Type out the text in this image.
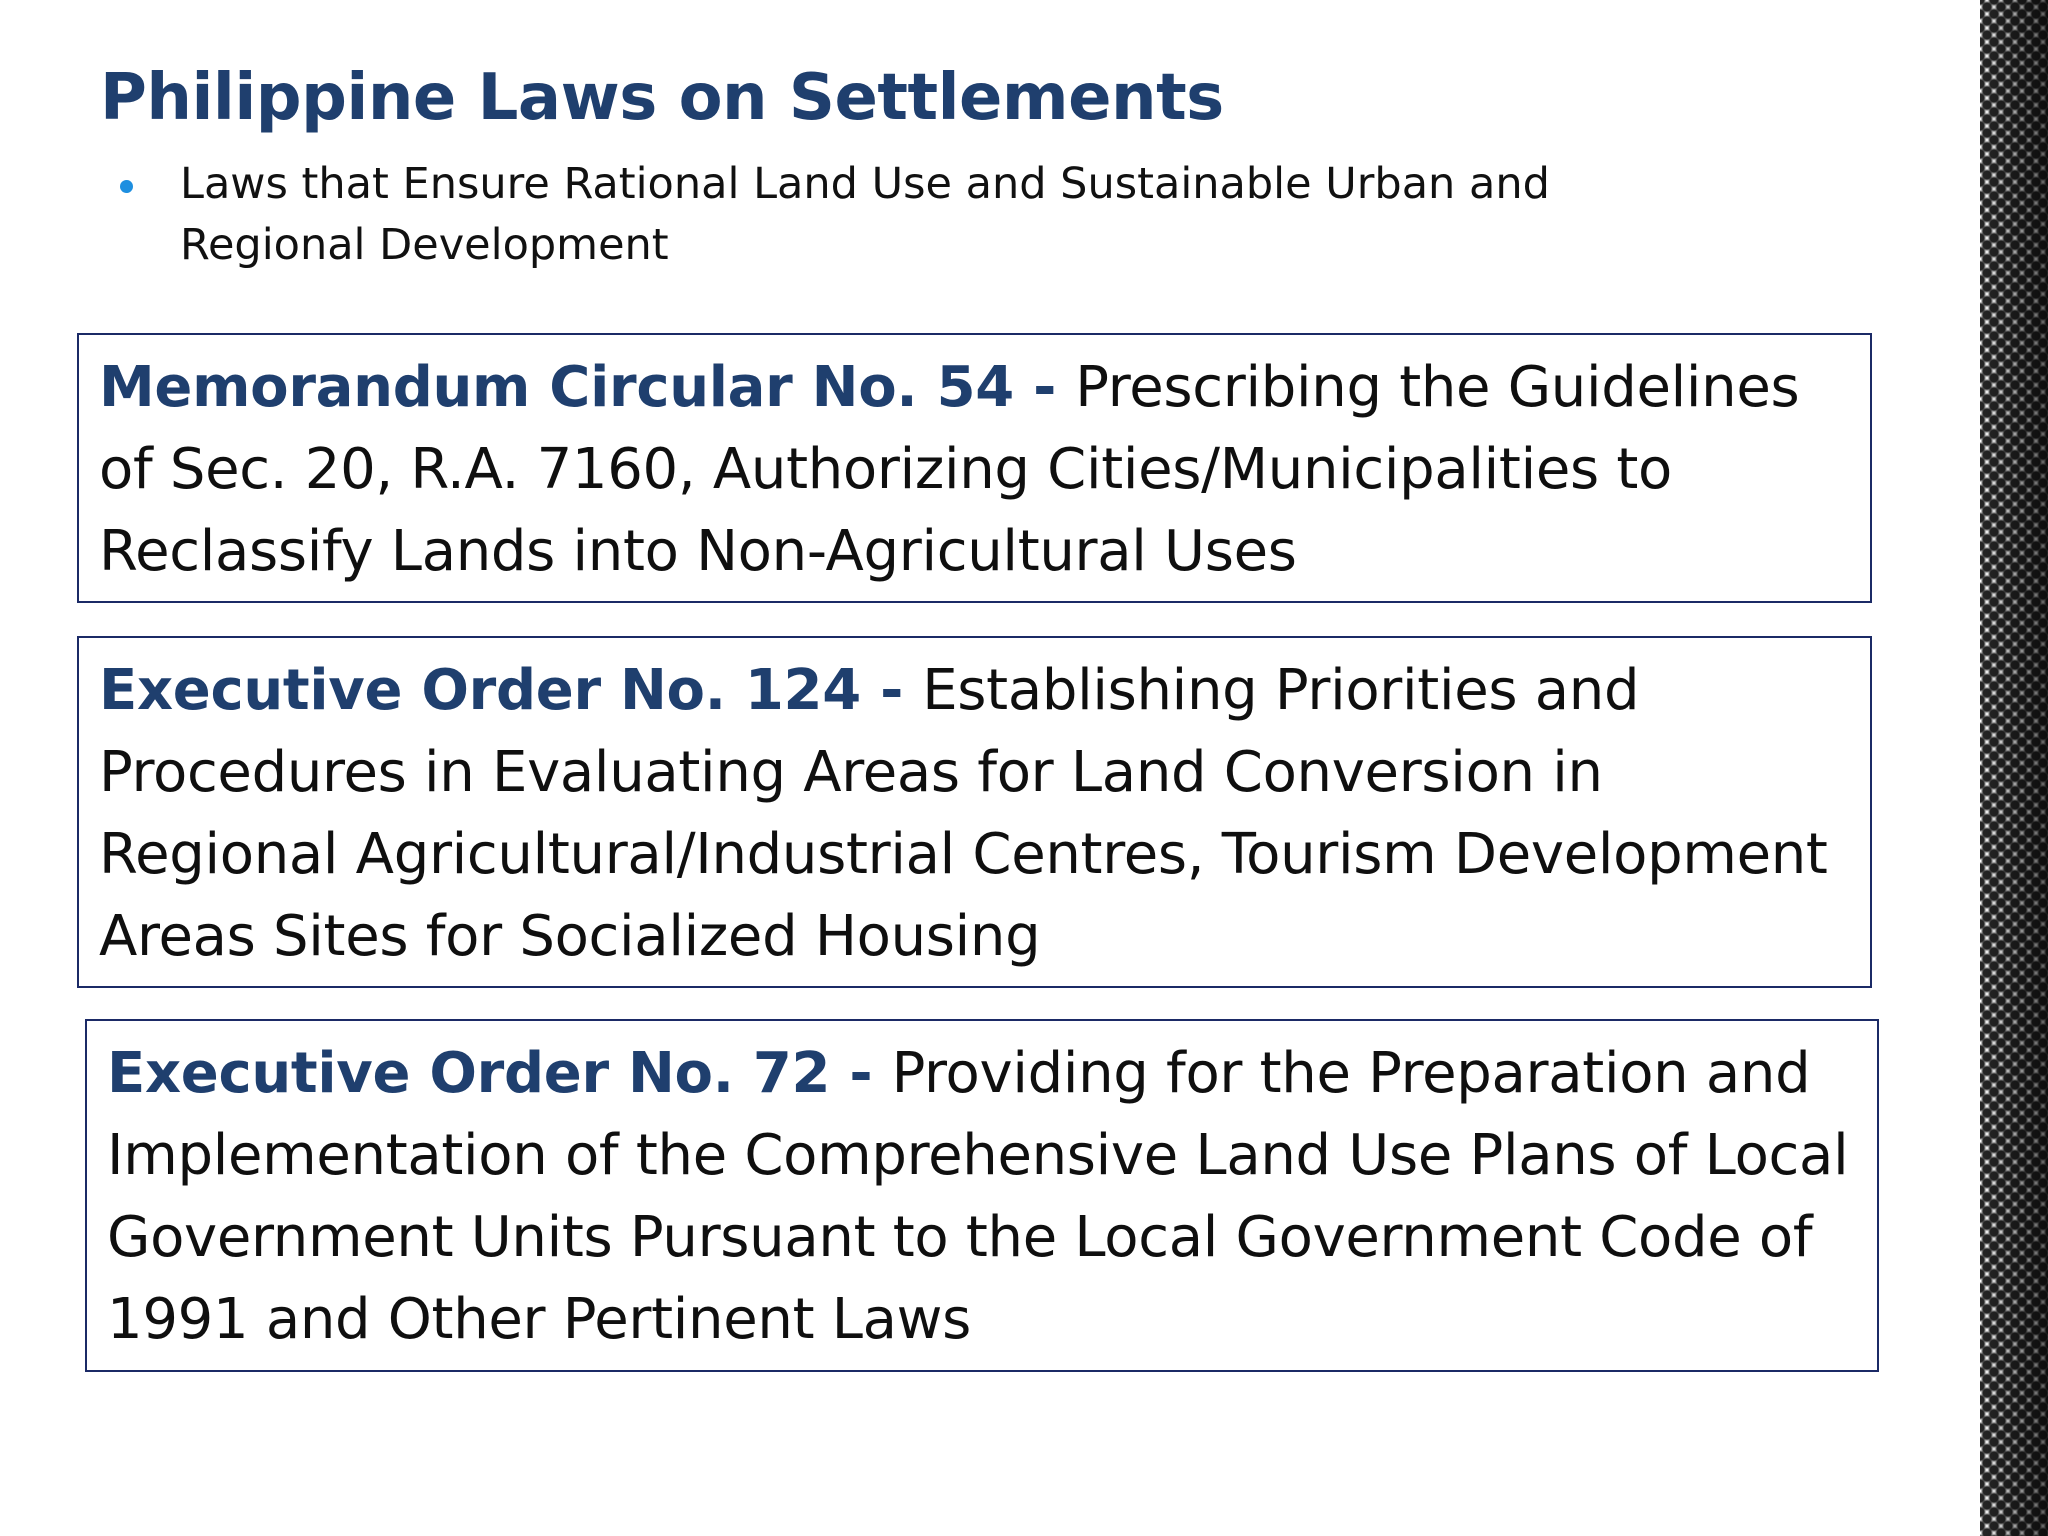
Philippine Laws on Settlements
Laws that Ensure Rational Land Use and Sustainable Urban and Regional Development
Memorandum Circular No. 54 - Prescribing the Guidelines of Sec. 20, R.A. 7160, Authorizing Cities/Municipalities to Reclassify Lands into Non-Agricultural Uses
Executive Order No. 124 - Establishing Priorities and Procedures in Evaluating Areas for Land Conversion in Regional Agricultural/Industrial Centres, Tourism Development Areas Sites for Socialized Housing
Executive Order No. 72 - Providing for the Preparation and Implementation of the Comprehensive Land Use Plans of Local Government Units Pursuant to the Local Government Code of 1991 and Other Pertinent Laws
